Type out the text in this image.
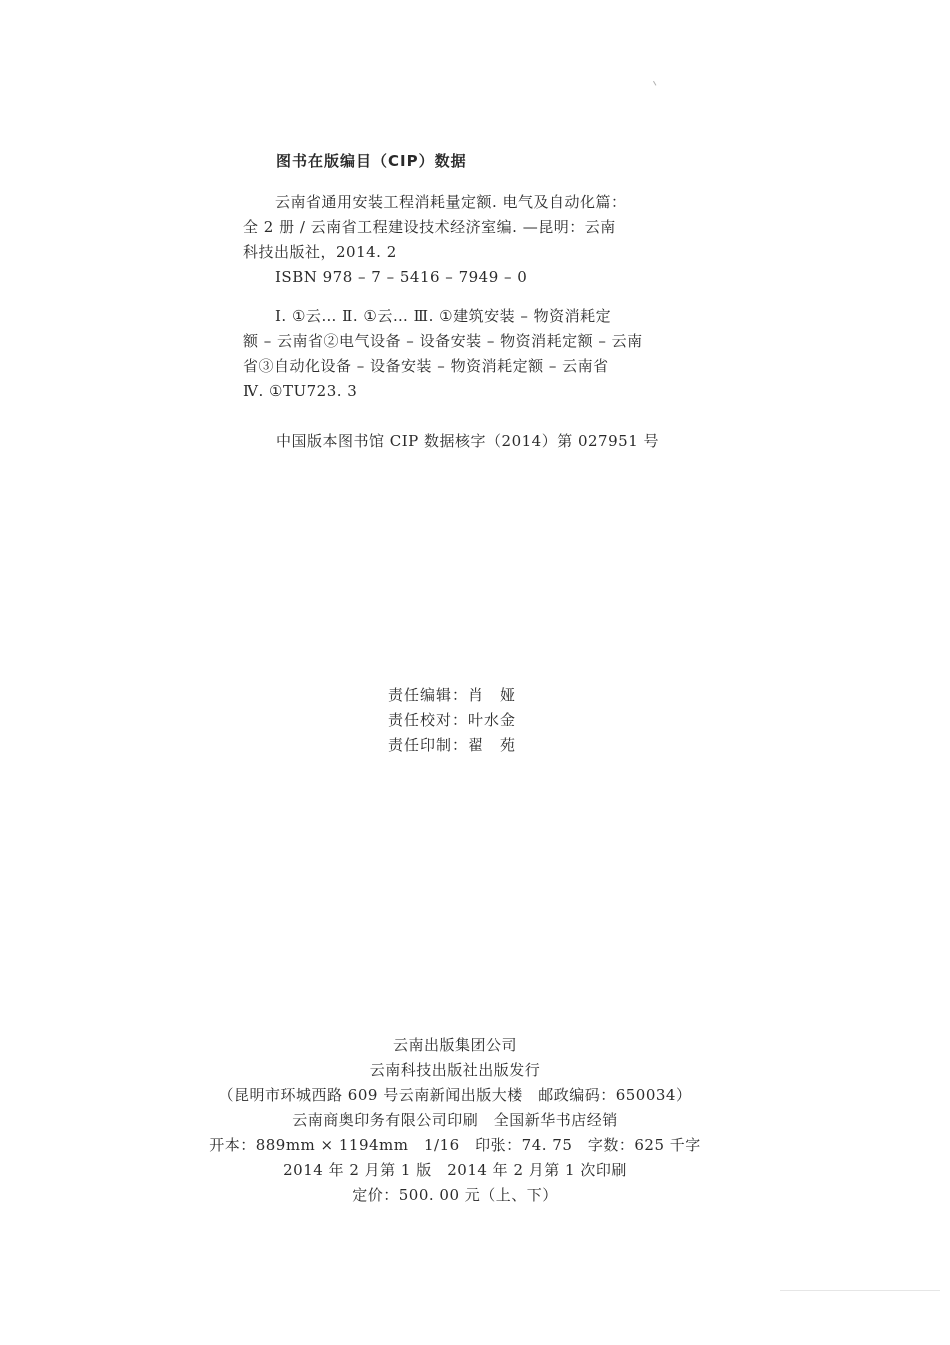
图书在版编目（CIP）数据
云南省通用安装工程消耗量定额. 电气及自动化篇：
全 2 册 / 云南省工程建设技术经济室编. —昆明：云南
科技出版社，2014. 2
ISBN 978 – 7 – 5416 – 7949 – 0
Ⅰ. ①云… Ⅱ. ①云… Ⅲ. ①建筑安装 – 物资消耗定
额 – 云南省②电气设备 – 设备安装 – 物资消耗定额 – 云南
省③自动化设备 – 设备安装 – 物资消耗定额 – 云南省
Ⅳ. ①TU723. 3
中国版本图书馆 CIP 数据核字（2014）第 027951 号
责任编辑：肖　娅
责任校对：叶水金
责任印制：翟　苑
云南出版集团公司
云南科技出版社出版发行
（昆明市环城西路 609 号云南新闻出版大楼　邮政编码：650034）
云南商奥印务有限公司印刷　全国新华书店经销
开本：889mm × 1194mm　1/16　印张：74. 75　字数：625 千字
2014 年 2 月第 1 版　2014 年 2 月第 1 次印刷
定价：500. 00 元（上、下）
